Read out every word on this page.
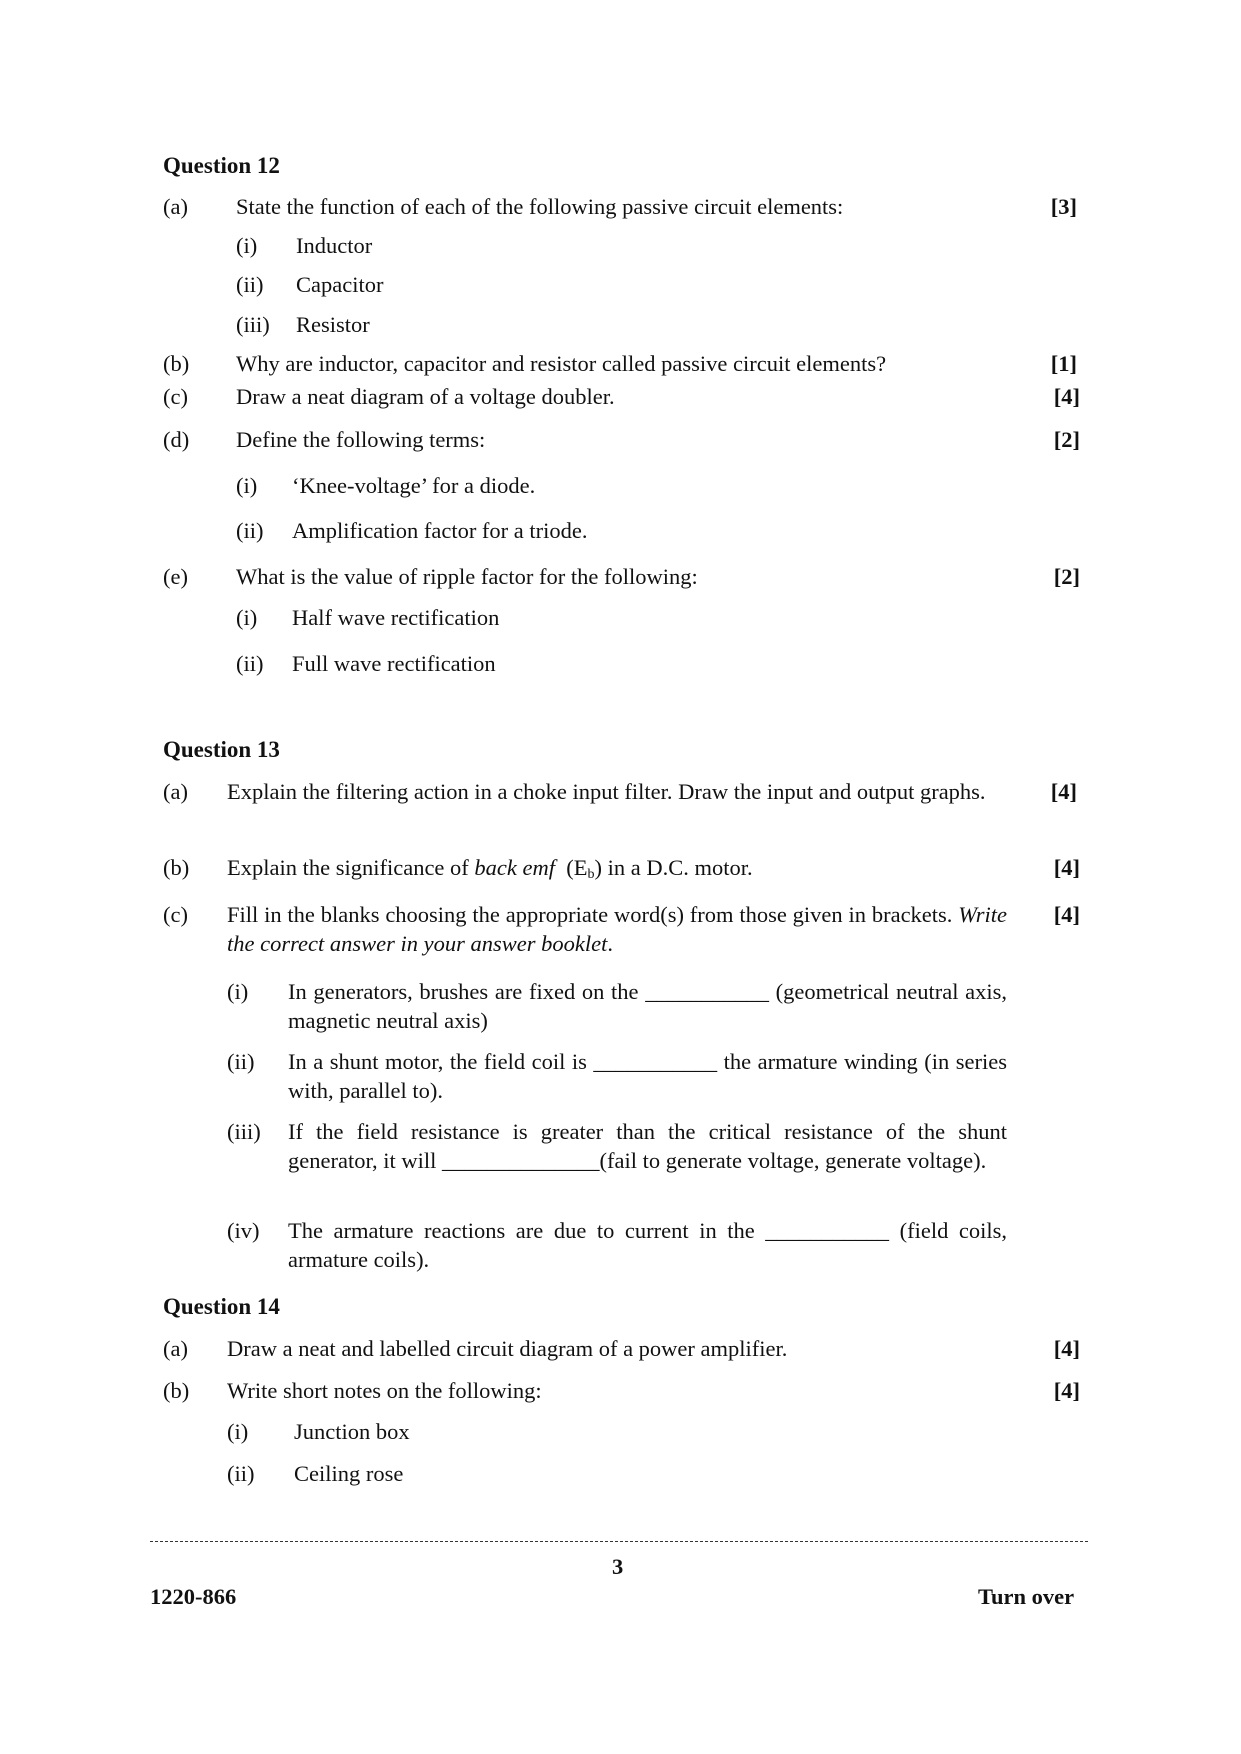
Question 12
(a) State the function of each of the following passive circuit elements:	[3]
(i) Inductor
(ii) Capacitor
(iii) Resistor
(b) Why are inductor, capacitor and resistor called passive circuit elements?	[1]
(c) Draw a neat diagram of a voltage doubler.	[4]
(d) Define the following terms:	[2]
(i) ‘Knee-voltage’ for a diode.
(ii) Amplification factor for a triode.
(e) What is the value of ripple factor for the following:	[2]
(i) Half wave rectification
(ii) Full wave rectification
Question 13
(a) Explain the filtering action in a choke input filter. Draw the input and output graphs.	[4]
(b) Explain the significance of back emf $(E_b)$ in a D.C. motor.	[4]
(c) Fill in the blanks choosing the appropriate word(s) from those given in brackets. Write the correct answer in your answer booklet.
[4]
(i) In generators, brushes are fixed on the ___________ (geometrical neutral axis, magnetic neutral axis)
(ii) In a shunt motor, the field coil is ___________ the armature winding (in series with, parallel to).
(iii) If the field resistance is greater than the critical resistance of the shunt generator, it will ______________(fail to generate voltage, generate voltage).
(iv) The armature reactions are due to current in the ___________ (field coils, armature coils).
Question 14
(a) Draw a neat and labelled circuit diagram of a power amplifier.	[4]
(b) Write short notes on the following:	[4]
(i) Junction box
(ii) Ceiling rose
3
1220-866	Turn over
